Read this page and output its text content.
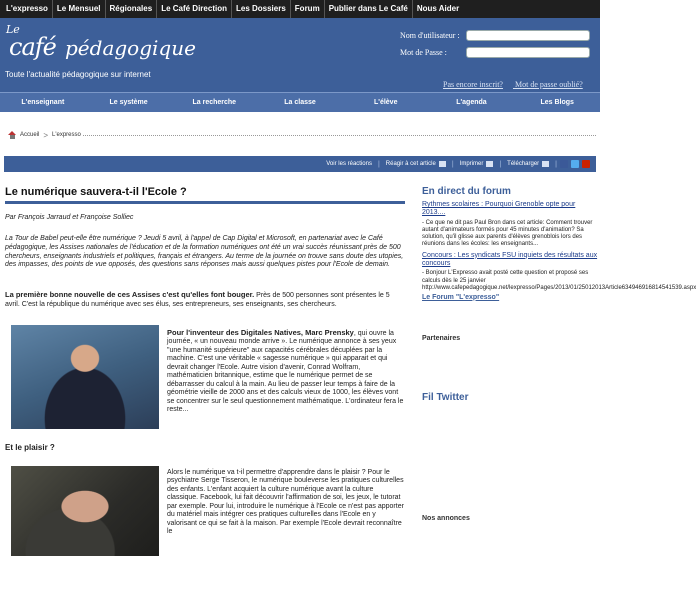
L'expresso	Le Mensuel	Régionales	Le Café Direction	Les Dossiers	Forum	Publier dans Le Café	Nous Aider
Le
café pédagogique
Toute l'actualité pédagogique sur internet
Nom d'utilisateur :
Mot de Passe :
Pas encore inscrit? Mot de passe oublié?
L'enseignant	Le système	La recherche	La classe	L'élève	L'agenda	Les Blogs
Accueil > L'expresso
Voir les réactions | Réagir à cet article | Imprimer | Télécharger |
Le numérique sauvera-t-il l'Ecole ?
Par François Jarraud et Françoise Solliec
La Tour de Babel peut-elle être numérique ? Jeudi 5 avril, à l'appel de Cap Digital et Microsoft, en partenariat avec le Café pédagogique, les Assises nationales de l'éducation et de la formation numériques ont été un vrai succès réunissant près de 500 chercheurs, enseignants industriels et politiques, français et étrangers. Au terme de la journée on trouve sans doute des utopies, des impasses, des points de vue opposés, des questions sans réponses mais aussi quelques pistes pour l'Ecole de demain.
La première bonne nouvelle de ces Assises c'est qu'elles font bouger. Près de 500 personnes sont présentes le 5 avril. C'est la république du numérique avec ses élus, ses entrepreneurs, ses enseignants, ses chercheurs.
Pour l'inventeur des Digitales Natives, Marc Prensky, qui ouvre la journée, « un nouveau monde arrive ». Le numérique annonce à ses yeux "une humanité supérieure" aux capacités cérébrales décuplées par la machine. C'est une véritable « sagesse numérique » qui apparait et qui devrait changer l'Ecole. Autre vision d'avenir, Conrad Wolfram, mathématicien britannique, estime que le numérique permet de se débarrasser du calcul à la main. Au lieu de passer leur temps à faire de la géométrie vieille de 2000 ans et des calculs vieux de 1000, les élèves vont se concentrer sur le seul questionnement mathématique. L'ordinateur fera le reste...
Et le plaisir ?
Alors le numérique va t-il permettre d'apprendre dans le plaisir ? Pour le psychiatre Serge Tisseron, le numérique bouleverse les pratiques culturelles des enfants. L'enfant acquiert la culture numérique avant la culture classique. Facebook, lui fait découvrir l'affirmation de soi, les jeux, le tutorat par exemple. Pour lui, introduire le numérique à l'Ecole ce n'est pas apporter du matériel mais intégrer ces pratiques culturelles dans l'Ecole en y valorisant ce qui se fait à la maison. Par exemple l'Ecole devrait reconnaître le
En direct du forum
Rythmes scolaires : Pourquoi Grenoble opte pour 2013....
- Ce que ne dit pas Paul Bron dans cet article: Comment trouver autant d'animateurs formés pour 45 minutes d'animation? Sa solution, qu'il glisse aux parents d'élèves grenoblois lors des réunions dans les écoles: les enseignants...
Concours : Les syndicats FSU inquiets des résultats aux concours
- Bonjour L'Expresso avait posté cette question et proposé ses calculs dès le 25 janvier http://www.cafepedagogique.net/lexpresso/Pages/2013/01/25012013Article634946916814541539.aspx
Le Forum "L'expresso"
Partenaires
Fil Twitter
Nos annonces
